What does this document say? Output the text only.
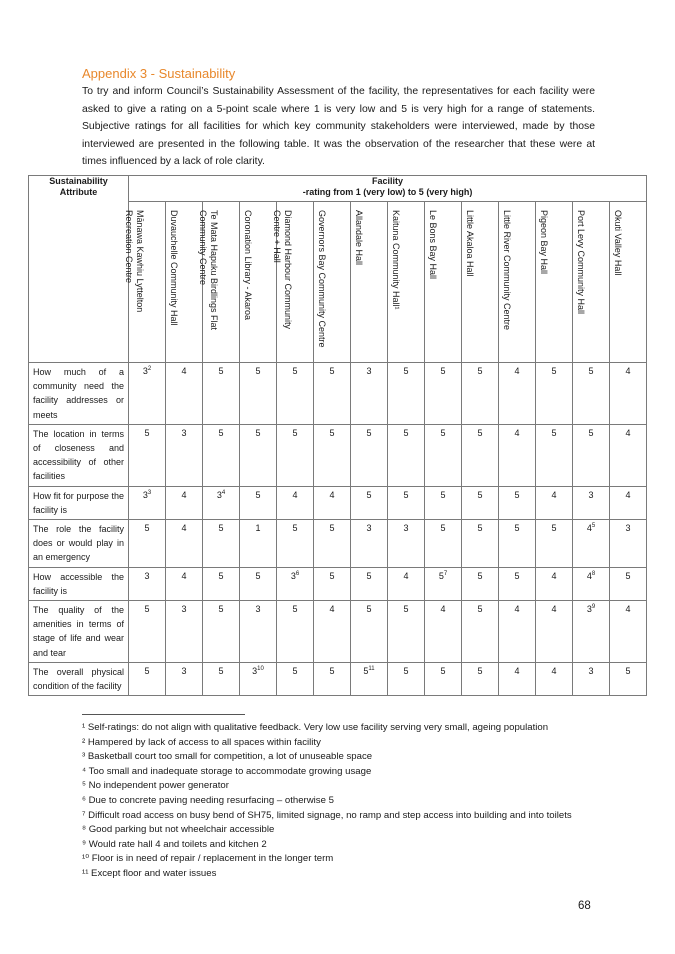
Appendix 3 - Sustainability

To try and inform Council’s Sustainability Assessment of the facility, the representatives for each facility were asked to give a rating on a 5-point scale where 1 is very low and 5 is very high for a range of statements. Subjective ratings for all facilities for which key community stakeholders were interviewed, made by those interviewed are presented in the following table. It was the observation of the researcher that these were at times influenced by a lack of role clarity.

Sustainability
Attribute	Facility
-rating from 1 (very low) to 5 (very high)													

	Mānawa Kawhiu Lyttelton
Recreation Centre	Duvauchelle Community Hall	Te Mata Hapuku Birdlings Flat
Community Centre	Coronation Library - Akaroa	Diamond Harbour Community
Centre + Hall	Governors Bay Community Centre	Allandale Hall	Kaituna Community Hall¹	Le Bons Bay Hall	Little Akaloa Hall	Little River Community Centre	Pigeon Bay Hall	Port Levy Community Hall	Okuti Valley Hall

How much of a community need the facility addresses or meets	$3^2$	4	5	5	5	5	3	5	5	5	4	5	5	4
The location in terms of closeness and accessibility of other facilities	5	3	5	5	5	5	5	5	5	5	4	5	5	4
How fit for purpose the facility is	$3^3$	4	$3^4$	5	4	4	5	5	5	5	5	4	3	4
The role the facility does or would play in an emergency	5	4	5	1	5	5	3	3	5	5	5	5	$4^5$	3
How accessible the facility is	3	4	5	5	$3^6$	5	5	4	$5^7$	5	5	4	$4^8$	5
The quality of the amenities in terms of stage of life and wear and tear	5	3	5	3	5	4	5	5	4	5	4	4	$3^9$	4
The overall physical condition of the facility	5	3	5	$3^{10}$	5	5	$5^{11}$	5	5	5	4	4	3	5
¹ Self-ratings: do not align with qualitative feedback. Very low use facility serving very small, ageing population
² Hampered by lack of access to all spaces within facility
³ Basketball court too small for competition, a lot of unuseable space
⁴ Too small and inadequate storage to accommodate growing usage
⁵ No independent power generator
⁶ Due to concrete paving needing resurfacing – otherwise 5
⁷ Difficult road access on busy bend of SH75, limited signage, no ramp and step access into building and into toilets
⁸ Good parking but not wheelchair accessible
⁹ Would rate hall 4 and toilets and kitchen 2
¹⁰ Floor is in need of repair / replacement in the longer term
¹¹ Except floor and water issues
68
